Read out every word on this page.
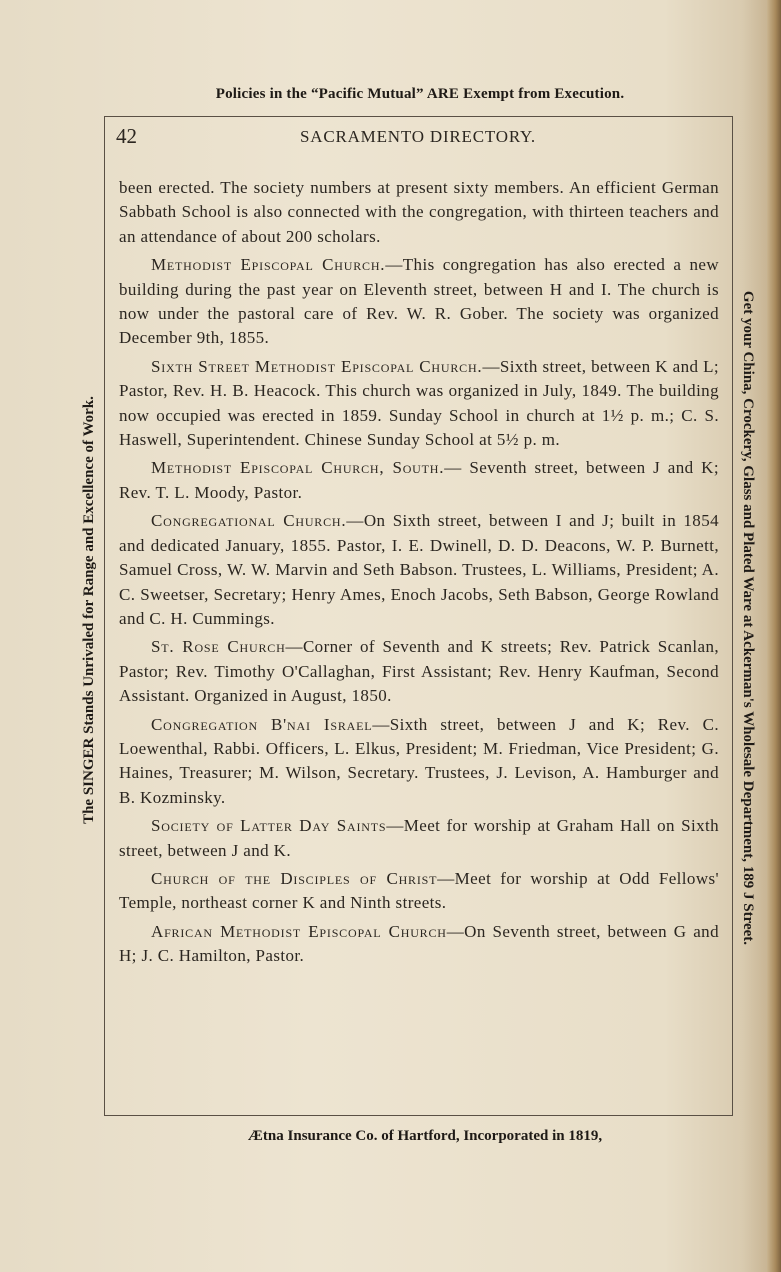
Policies in the “Pacific Mutual” ARE Exempt from Execution.
The SINGER Stands Unrivaled for Range and Excellence of Work.	Get your China, Crockery, Glass and Plated Ware at Ackerman's Wholesale Department, 189 J Street.
42	SACRAMENTO DIRECTORY.

been erected. The society numbers at present sixty members. An efficient German Sabbath School is also connected with the congregation, with thirteen teachers and an attendance of about 200 scholars.

Methodist Episcopal Church.—This congregation has also erected a new building during the past year on Eleventh street, between H and I. The church is now under the pastoral care of Rev. W. R. Gober. The society was organized December 9th, 1855.

Sixth Street Methodist Episcopal Church.—Sixth street, between K and L; Pastor, Rev. H. B. Heacock. This church was organized in July, 1849. The building now occupied was erected in 1859. Sunday School in church at 1½ p. m.; C. S. Haswell, Superintendent. Chinese Sunday School at 5½ p. m.

Methodist Episcopal Church, South.— Seventh street, between J and K; Rev. T. L. Moody, Pastor.

Congregational Church.—On Sixth street, between I and J; built in 1854 and dedicated January, 1855. Pastor, I. E. Dwinell, D. D. Deacons, W. P. Burnett, Samuel Cross, W. W. Marvin and Seth Babson. Trustees, L. Williams, President; A. C. Sweetser, Secretary; Henry Ames, Enoch Jacobs, Seth Babson, George Rowland and C. H. Cummings.

St. Rose Church—Corner of Seventh and K streets; Rev. Patrick Scanlan, Pastor; Rev. Timothy O'Callaghan, First Assistant; Rev. Henry Kaufman, Second Assistant. Organized in August, 1850.

Congregation B'nai Israel—Sixth street, between J and K; Rev. C. Loewenthal, Rabbi. Officers, L. Elkus, President; M. Friedman, Vice President; G. Haines, Treasurer; M. Wilson, Secretary. Trustees, J. Levison, A. Hamburger and B. Kozminsky.

Society of Latter Day Saints—Meet for worship at Graham Hall on Sixth street, between J and K.

Church of the Disciples of Christ—Meet for worship at Odd Fellows' Temple, northeast corner K and Ninth streets.

African Methodist Episcopal Church—On Seventh street, between G and H; J. C. Hamilton, Pastor.

Ætna Insurance Co. of Hartford, Incorporated in 1819,
